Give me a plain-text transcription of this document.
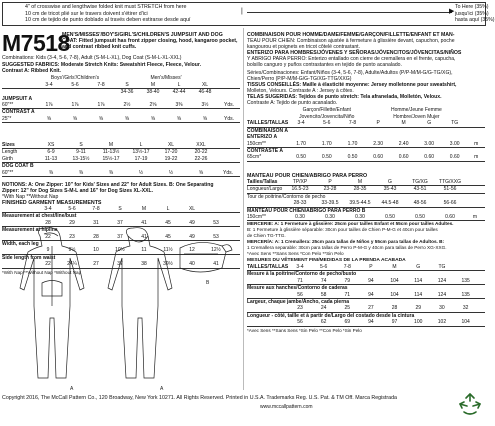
4" of crosswise and lengthwise folded knit must STRETCH from here
10 cm de tricot plié sur le travers doivent s'étirer d'ici
10 cm de tejido de punto doblado al través deben estirarse desde aquí
|	▶
To Here (35%)
jusqu'ici (35%)
hasta aquí (35%)
M7518
MEN'S/MISSES'/BOY'S/GIRL'S/CHILDREN'S JUMPSUIT AND DOG
COAT: Fitted jumpsuit has front zipper closing, hood, kangaroo pocket,
and contrast ribbed knit cuffs.
Combinations: Kids (3-4, 5-6, 7-8), Adult (S-M-L-XL), Dog Coat (S-M-L-XL-XXL)
SUGGESTED FABRICS: Moderate Stretch Knits: Sweatshirt Fleece, Fleece, Velour.
Contrast A: Ribbed Knit.
	Boys'/Girls'/Children's			Men's/Misses'				
	3-4	5-6	7-8	S	M	L	XL	
				34-36	38-40	42-44	46-48	
JUMPSUIT A								
60"**	1⅞	1⅞	1⅞	2½	2⅝	3⅜	3½	Yds.
CONTRAST A								
25"*	⅝	⅝	⅝	⅝	⅝	⅝	⅝	Yds.
Sizes	XS	S	M	L	XL	XXL	
Length	6-9	9-11	11-13½	13½-17	17-20	20-22	
Girth	11-13	13-15½	15½-17	17-19	19-22	22-26	
DOG COAT B							
60"**	⅜	⅜	⅜	½	½	⅝	Yds.
NOTIONS: A: One Zipper: 10" for Kids' Sizes and 22" for Adult Sizes. B: One Separating
Zipper: 12" for Dog Sizes S-M-L and 16" for Dog Sizes XL-XXL.
*With Nap **Without Nap
FINISHED GARMENT MEASUREMENTS
	3-4	5-6	7-8	S	M	L	XL		
Measurement at chest/line/bust									
	28	29	31	37	41	45	49	53	
Measurement at hipline									
	22	23	28	37	41	45	49	53	
Width, each leg									
	9	9½	10	10½	11	11½	12	12½	
Side length from waist									
	22	24¼	27	37	38	39½	40	41	
*With Nap **Without Nap *Without Nap
A
B
A
COMBINAISON POUR HOMME/DAME/FEMME/GARÇON/FILLETTE/ENFANT ET MAN-
TEAU POUR CHIEN: Combinaison ajustée à fermeture à glissière devant, capuchon, poche
kangourou et poignets en tricot côtelé contrastant.
ENTERIZO PARA HOMBRES/JÓVENES Y SEÑORAS/JÓVENCITOS/JÓVENCITAS/NIÑOS
Y ABRIGO PARA PERRO: Enterizo entallado con cierre de cremallera en el frente, capucha,
bolsillo canguro y puños contrastantes en tejido de punto acanalado.
Séries/Combinaciones: Enfant/Niños (3-4, 5-6, 7-8), Adulte/Adultos (P/P-M/M-G/G-TG/XG),
Chien/Perro (P/P-M/M-G/G-TG/XG-TTG/XXG)
TISSUS CONSEILLÉS: Maille à élasticité moyenne: Jersey molletonne pour sweatshirt,
Molleton, Velours. Contraste A : Jersey à côtes.
TELAS SUGERIDAS: Tejidos de punto stretch: Tela afranelada, Molletón, Veloux.
Contraste A: Tejido de punto acanalado.
	Garçon/Fillette/Enfant			Homme/Jeune Femme				
	Jovencito/Jovencita/Niño			Hombre/Joven Mujer				
TAILLES/TALLAS	3-4	5-6	7-8	P	M	G	TG	
COMBINAISON A								
ENTERIZO A								
150cm**	1.70	1.70	1.70	2.30	2.40	3.00	3.00	m
CONTRASTE A								
65cm*	0.50	0.50	0.50	0.60	0.60	0.60	0.60	m
MANTEAU POUR CHIEN/ABRIGO PARA PERRO
Tailles/Tallas	TP/XP	P	M	G	TG/XG	TTG/XXG	
Longueur/Largo	16.5-23	23-28	28-35	35-43	43-51	51-56	
Tour de poitrine/Contorno de pecho							
	28-33	33-39.5	39.5-44.5	44.5-48	48-56	56-66	
MANTEAU POUR CHIEN/ABRIGO PARA PERRO B							
150cm**	0.30	0.30	0.30	0.50	0.50	0.60	m
MERCERIE: A: 1 Fermeture à glissière: 25cm pour tailles Enfant et 55cm pour tailles Adultes.
B: 1 Fermeture à glissière séparable: 30cm pour tailles de Chien P-M-G et 40cm pour tailles
de Chien TG-TTG.
MERCERÍA: A: 1 Cremallera: 25cm para tallas de Niños y 55cm para tallas de Adultos. B:
1 Cremallera separable: 30cm para tallas de Perro P-M-G y 40cm para tallas de Perro XG-XXG.
*Avec Sens **Sans Sens *Con Pelo **Sin Pelo
MESURES DU VÊTEMENT FINI/MEDIDAS DE LA PRENDA ACABADA
TAILLES/TALLAS	3-4	5-6	7-8	P	M	G	TG		
Mesure à la poitrine/Contorno de pecho/busto									
	71	74	79	94	104	114	124	135	
Mesure aux hanches/Contorno de caderas									
	56	58	71	94	104	114	124	135	
Largeur, chaque jambe/Ancho, cada pierna									
	23	24	25	27	28	29	30	32	
Longueur - côté, taille et à partir de/Largo del costado desde la cintura									
	56	62	69	94	97	100	102	104	
*Avec Sens **Sans Sens *Sin Pelo **Con Pelo *Sin Pelo
Copyright 2016, The McCall Pattern Co., 120 Broadway, New York 10271. All Rights Reserved. Printed in U.S.A. Trademarks Reg. U.S. Pat. & TM Off. Marca Registrada
www.mccallpattern.com
